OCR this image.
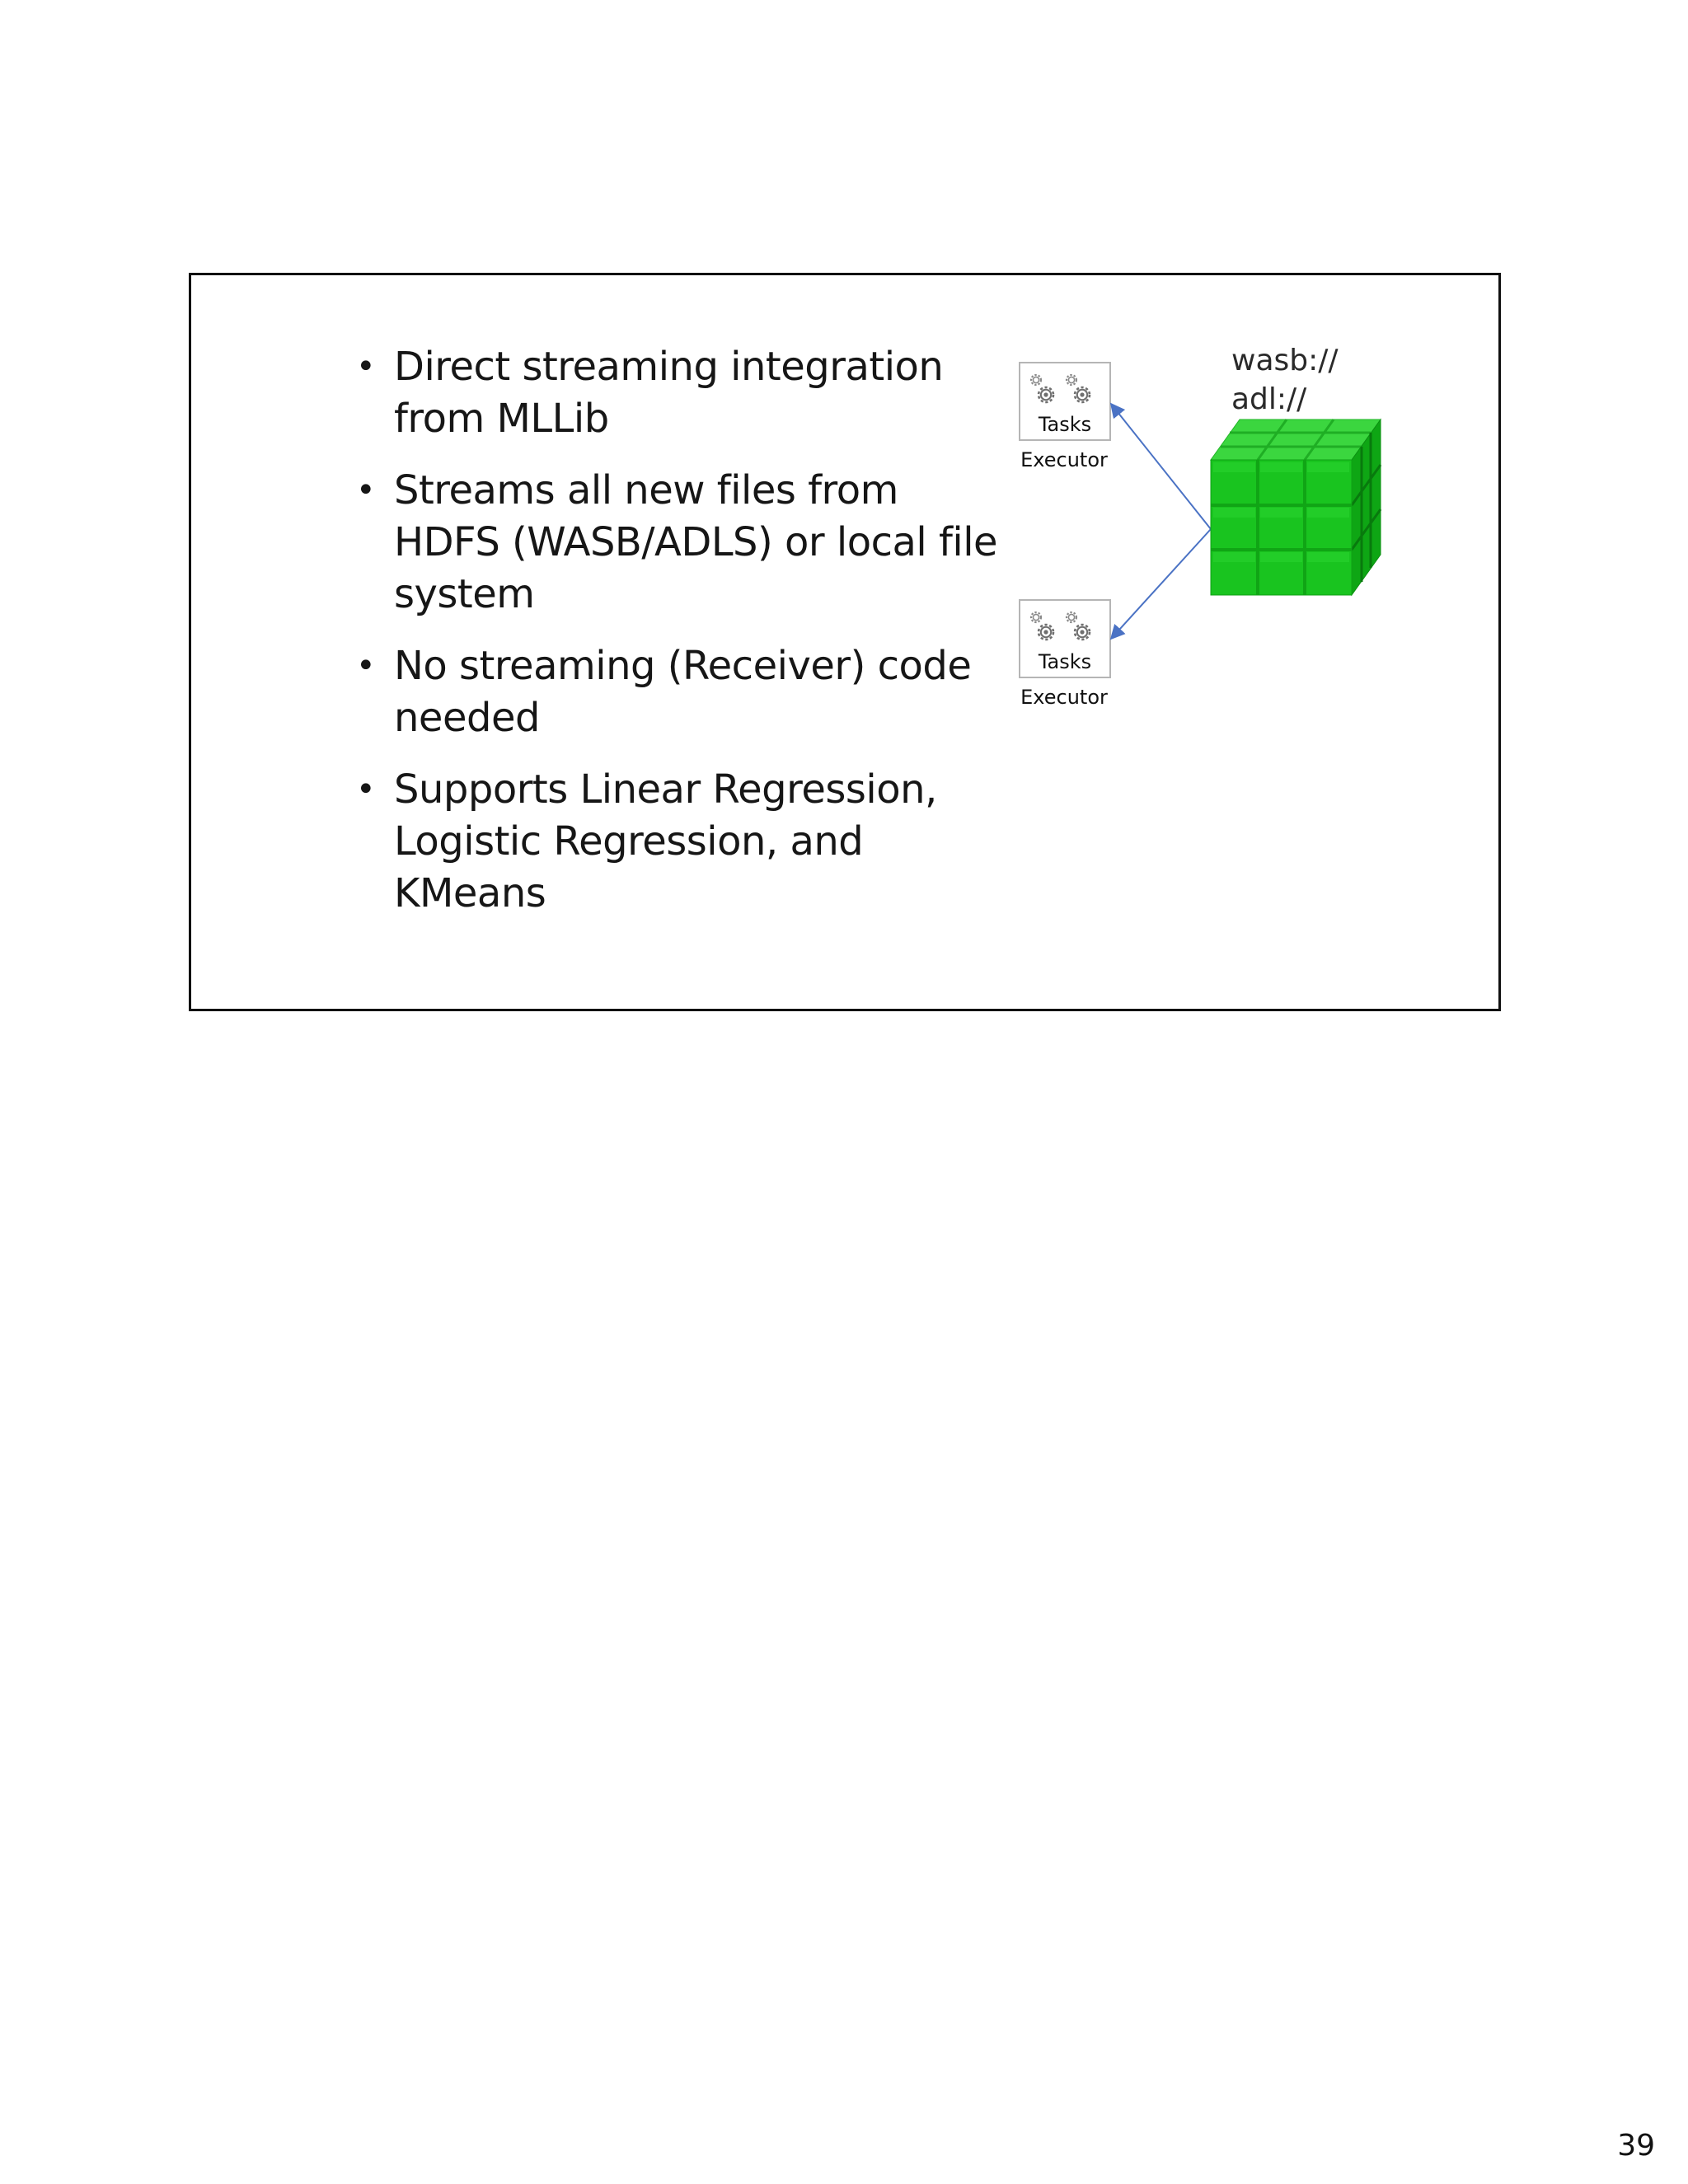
• Direct streaming integration from MLLib
• Streams all new files from HDFS (WASB/ADLS) or local file system
• No streaming (Receiver) code needed
• Supports Linear Regression, Logistic Regression, and KMeans
wasb://
adl://
Tasks
Executor
Tasks
Executor
39
